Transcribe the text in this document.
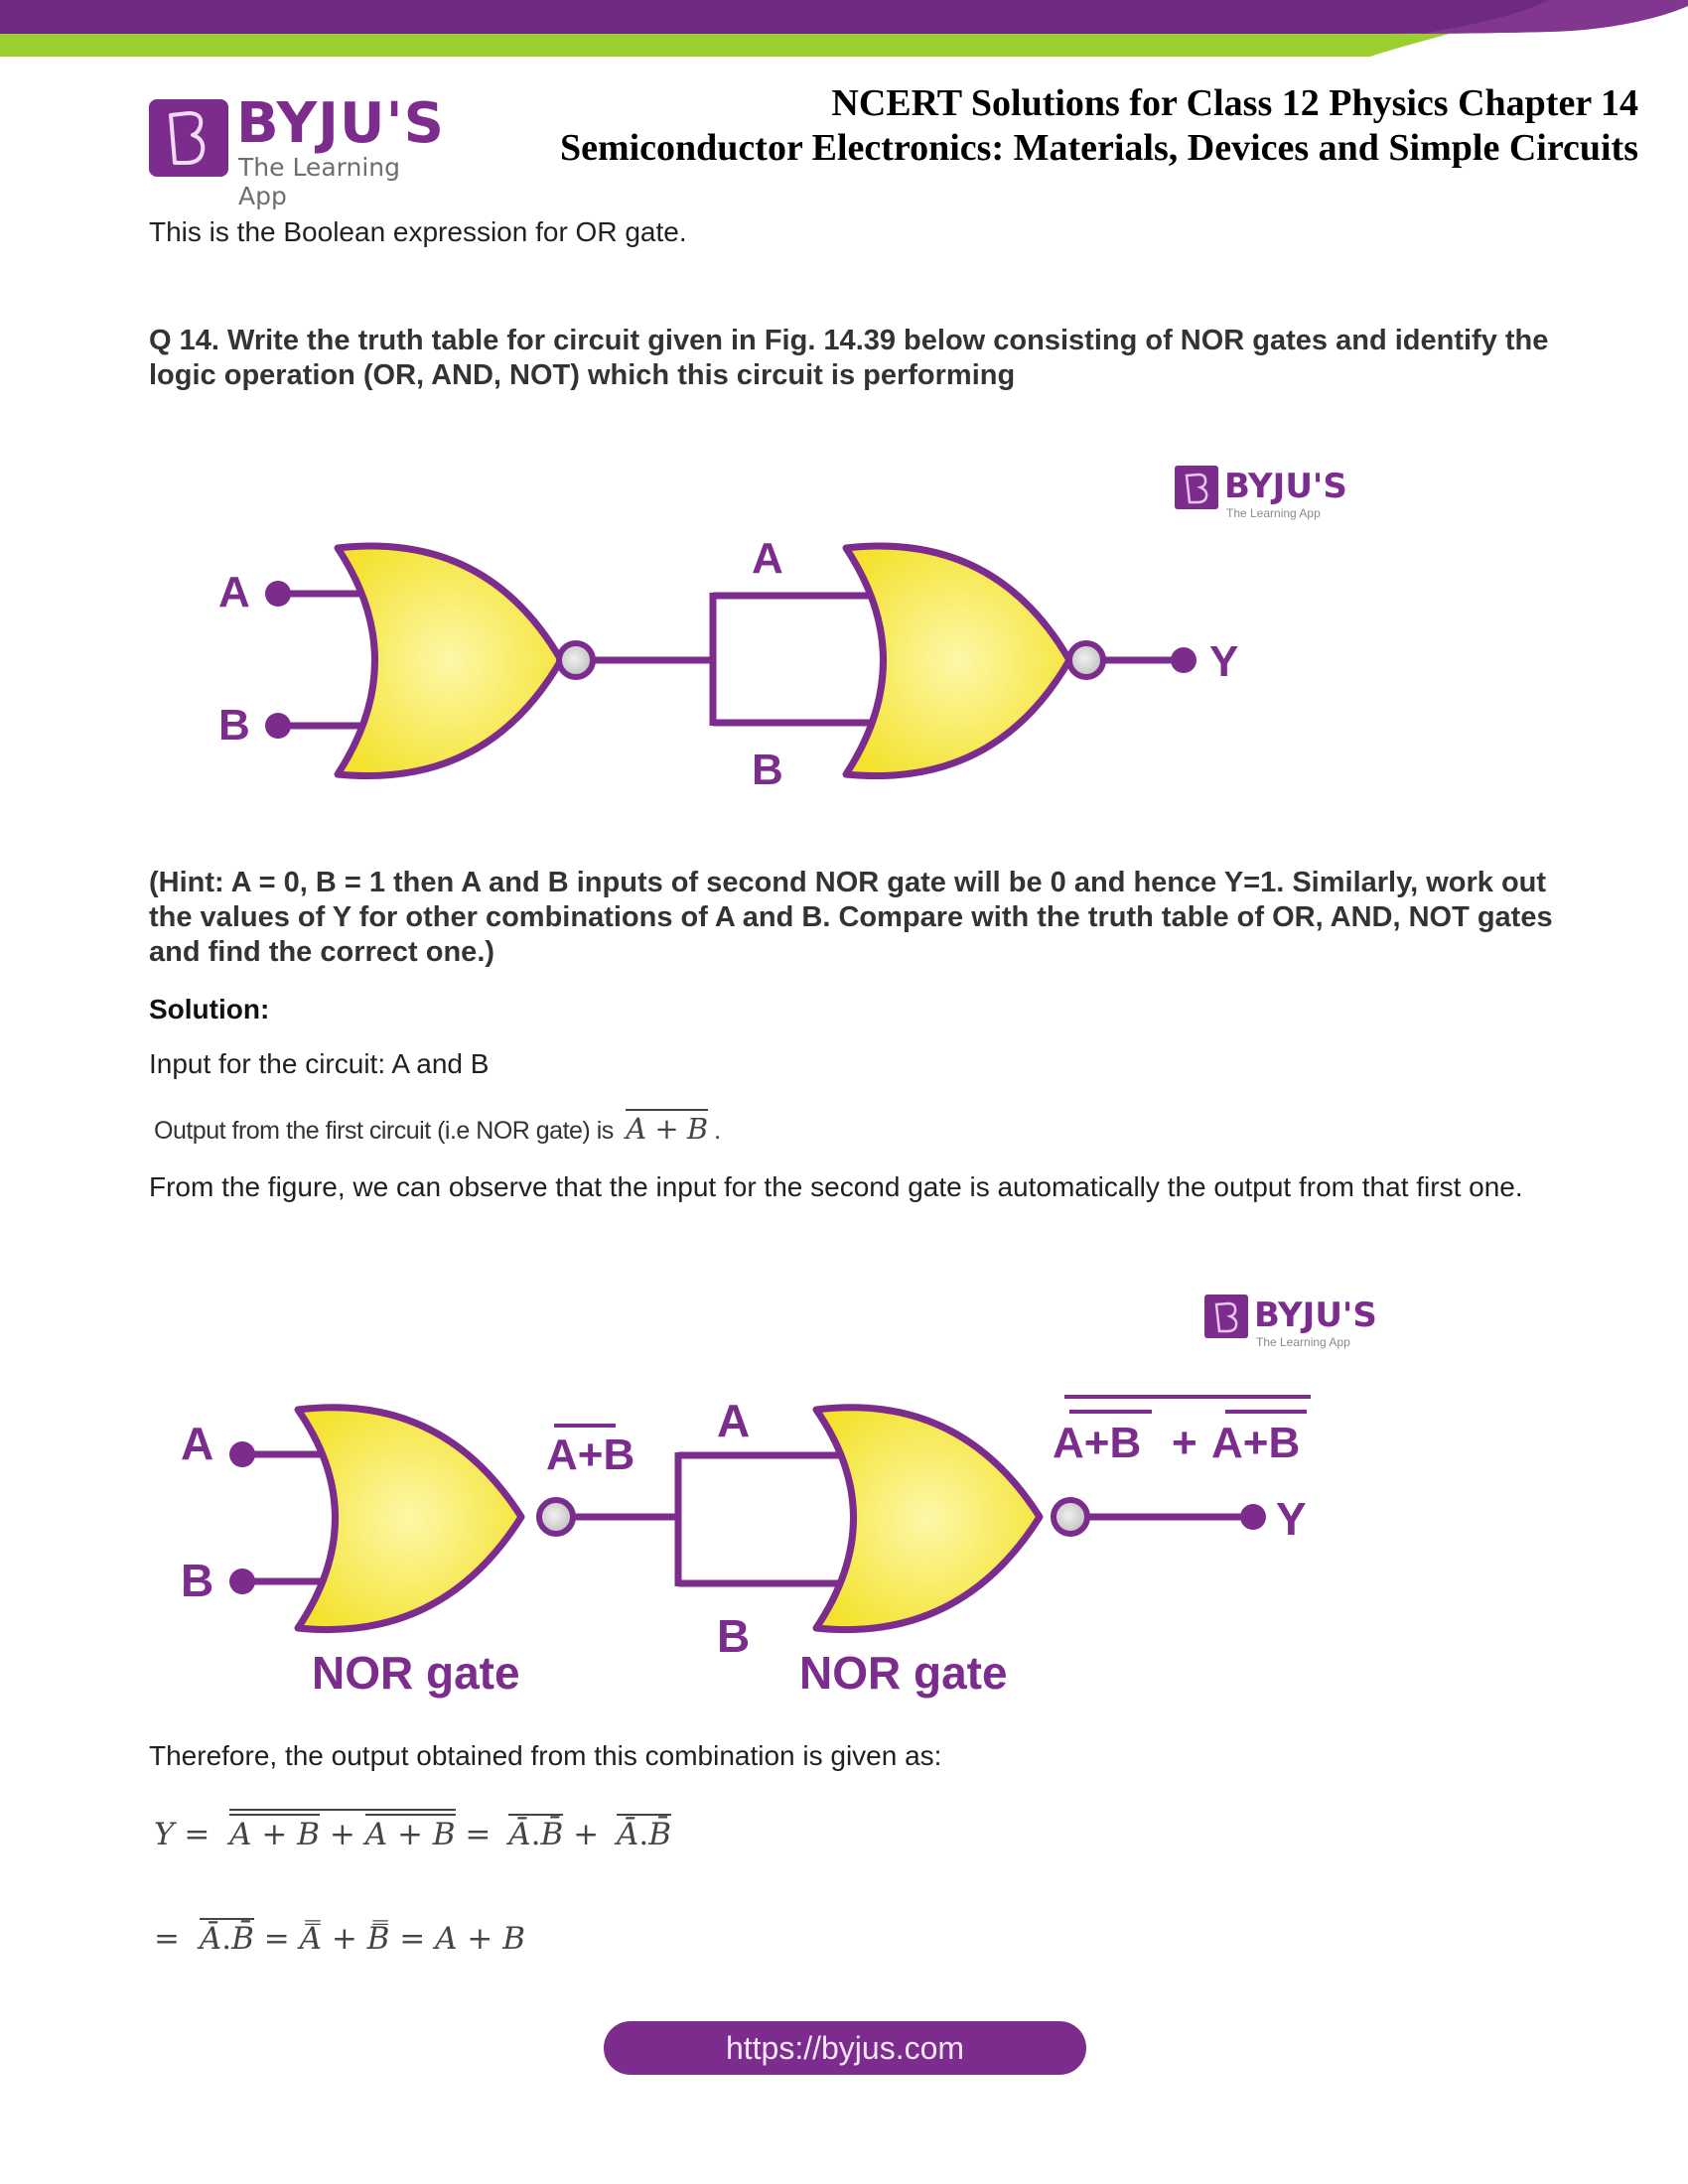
BYJU'S
The Learning App
NCERT Solutions for Class 12 Physics Chapter 14
Semiconductor Electronics: Materials, Devices and Simple Circuits
This is the Boolean expression for OR gate.
Q 14. Write the truth table for circuit given in Fig. 14.39 below consisting of NOR gates and identify the logic operation (OR, AND, NOT) which this circuit is performing
BYJU'S
The Learning App
A
B
A
B
Y
(Hint: A = 0, B = 1 then A and B inputs of second NOR gate will be 0 and hence Y=1. Similarly, work out the values of Y for other combinations of A and B. Compare with the truth table of OR, AND, NOT gates and find the correct one.)
Solution:
Input for the circuit: A and B
Output from the first circuit (i.e NOR gate) is A + B .
From the figure, we can observe that the input for the second gate is automatically the output from that first one.
BYJU'S
The Learning App
A
B
A+B
A
B
Y
A+B + A+B
NOR gate	NOR gate
Therefore, the output obtained from this combination is given as:
Y = A + B + A + B = Ā.B̄ + Ā.B̄
= Ā.B̄ = A̿ + B̿ = A + B
https://byjus.com
